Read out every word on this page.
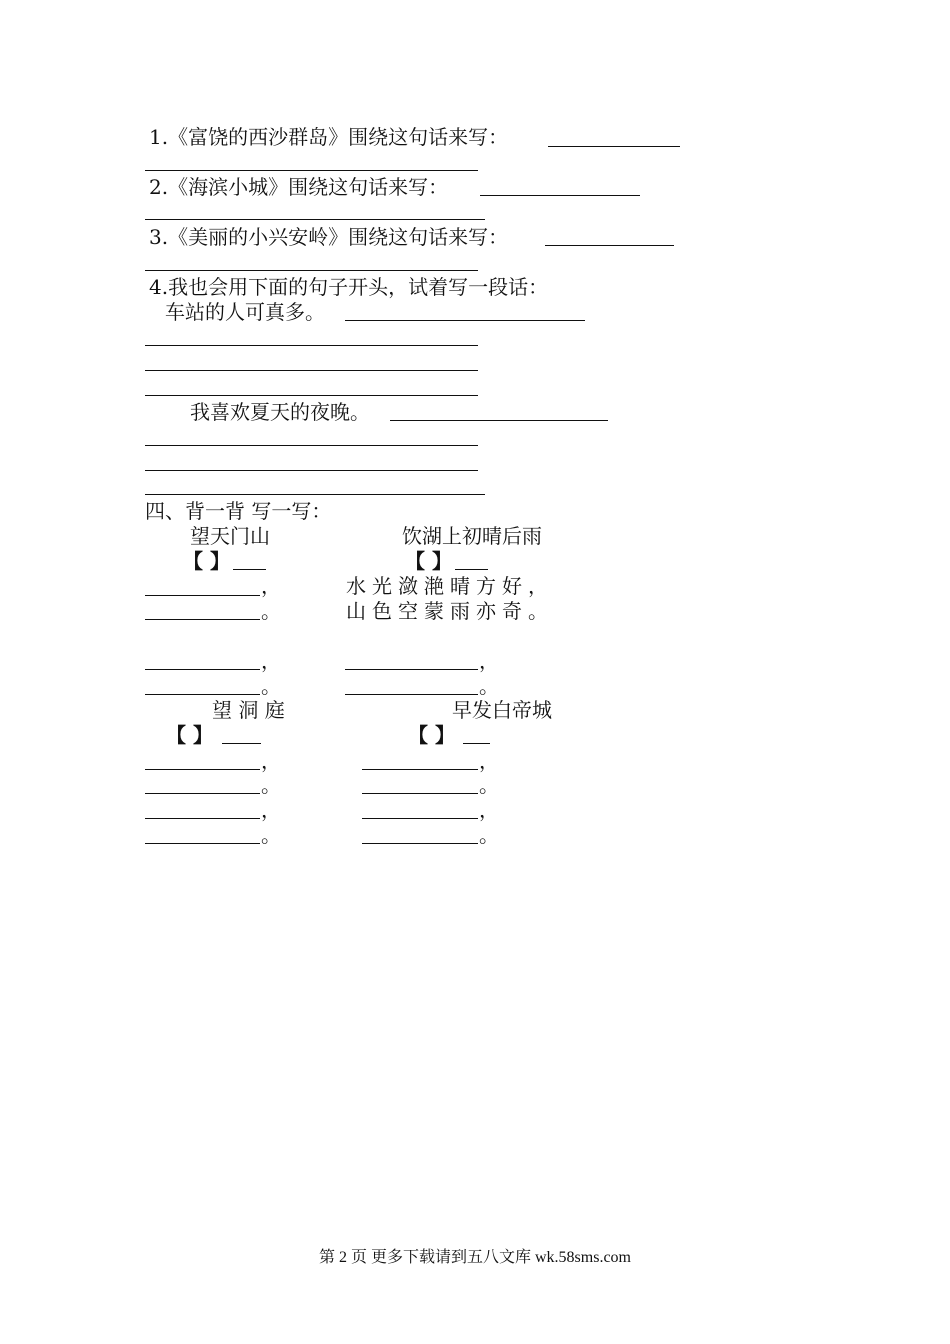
1.《富饶的西沙群岛》围绕这句话来写：
2.《海滨小城》围绕这句话来写：
3.《美丽的小兴安岭》围绕这句话来写：
4.我也会用下面的句子开头，试着写一段话：
车站的人可真多。
我喜欢夏天的夜晚。
四、背一背 写一写：
望天门山	饮湖上初晴后雨
【 】	【 】
，	水光潋滟晴方好，
。	山色空蒙雨亦奇。
，	，
。	。
望 洞 庭	早发白帝城
【 】	【 】
，	，
。	。
，	，
。	。
第 2 页 更多下载请到五八文库 wk.58sms.com
